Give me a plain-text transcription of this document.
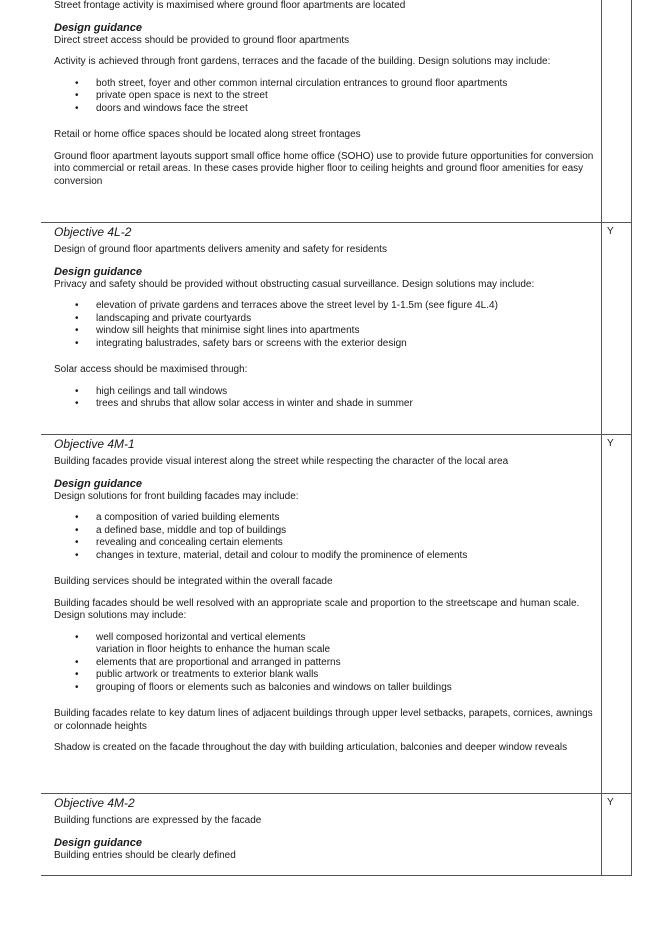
Street frontage activity is maximised where ground floor apartments are located

Design guidance

Direct street access should be provided to ground floor apartments

Activity is achieved through front gardens, terraces and the facade of the building. Design solutions may include:

• both street, foyer and other common internal circulation entrances to ground floor apartments
• private open space is next to the street
• doors and windows face the street

Retail or home office spaces should be located along street frontages

Ground floor apartment layouts support small office home office (SOHO) use to provide future opportunities for conversion into commercial or retail areas. In these cases provide higher floor to ceiling heights and ground floor amenities for easy conversion

Y

Objective 4L-2

Design of ground floor apartments delivers amenity and safety for residents

Design guidance

Privacy and safety should be provided without obstructing casual surveillance. Design solutions may include:

• elevation of private gardens and terraces above the street level by 1-1.5m (see figure 4L.4)
• landscaping and private courtyards
• window sill heights that minimise sight lines into apartments
• integrating balustrades, safety bars or screens with the exterior design

Solar access should be maximised through:

• high ceilings and tall windows
• trees and shrubs that allow solar access in winter and shade in summer
Y

Objective 4M-1

Building facades provide visual interest along the street while respecting the character of the local area

Design guidance

Design solutions for front building facades may include:

• a composition of varied building elements
• a defined base, middle and top of buildings
• revealing and concealing certain elements
• changes in texture, material, detail and colour to modify the prominence of elements

Building services should be integrated within the overall facade

Building facades should be well resolved with an appropriate scale and proportion to the streetscape and human scale. Design solutions may include:

• well composed horizontal and vertical elements
variation in floor heights to enhance the human scale
• elements that are proportional and arranged in patterns
• public artwork or treatments to exterior blank walls
• grouping of floors or elements such as balconies and windows on taller buildings

Building facades relate to key datum lines of adjacent buildings through upper level setbacks, parapets, cornices, awnings or colonnade heights

Shadow is created on the facade throughout the day with building articulation, balconies and deeper window reveals

Y

Objective 4M-2

Building functions are expressed by the facade

Design guidance

Building entries should be clearly defined
